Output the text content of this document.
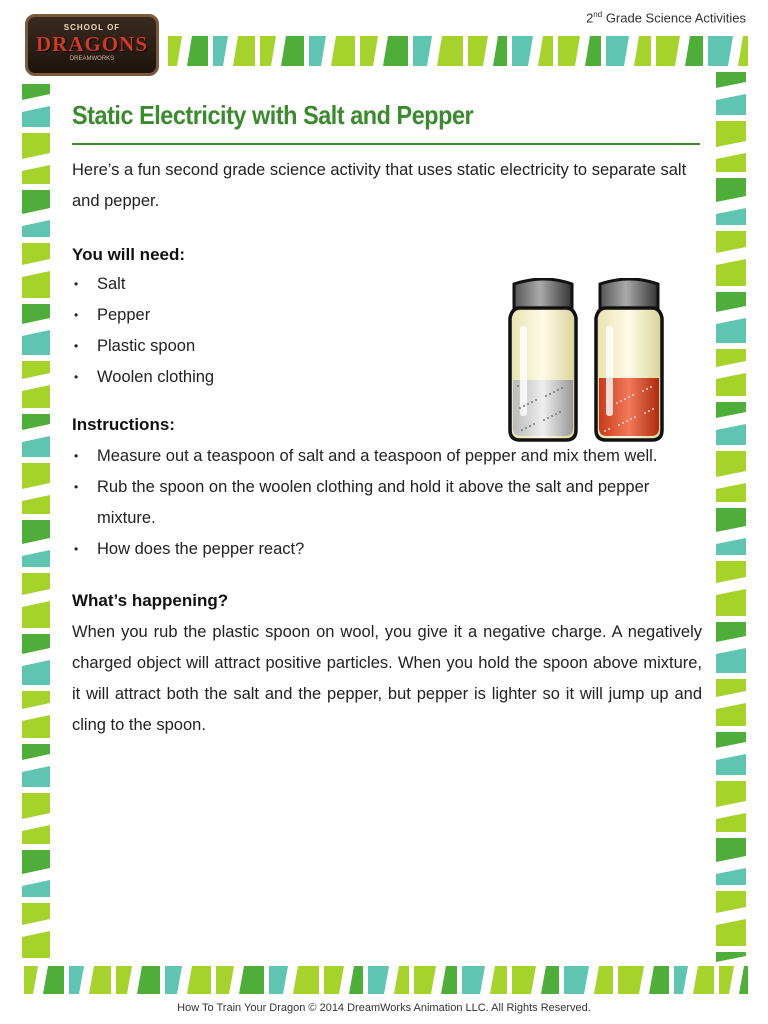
2nd Grade Science Activities
SCHOOL OF
DRAGONS
DREAMWORKS
Static Electricity with Salt and Pepper

Here’s a fun second grade science activity that uses static electricity to separate salt and pepper.

You will need:
• Salt
• Pepper
• Plastic spoon
• Woolen clothing
Instructions:
• Measure out a teaspoon of salt and a teaspoon of pepper and mix them well.
• Rub the spoon on the woolen clothing and hold it above the salt and pepper mixture.
• How does the pepper react?
What’s happening?

When you rub the plastic spoon on wool, you give it a negative charge. A negatively charged object will attract positive particles. When you hold the spoon above mixture, it will attract both the salt and the pepper, but pepper is lighter so it will jump up and cling to the spoon.

How To Train Your Dragon © 2014 DreamWorks Animation LLC. All Rights Reserved.
